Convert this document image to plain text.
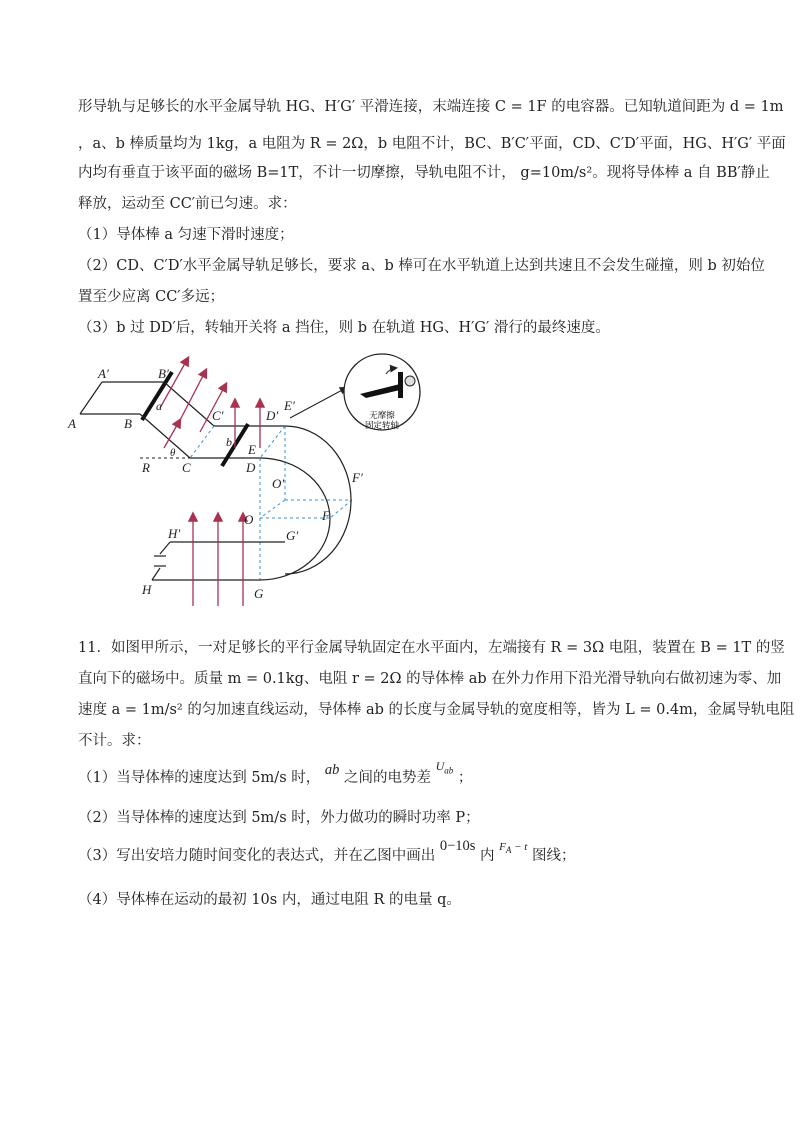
形导轨与足够长的水平金属导轨 HG、H′G′ 平滑连接，末端连接 C = 1F 的电容器。已知轨道间距为 d = 1m
，a、b 棒质量均为 1kg，a 电阻为 R = 2Ω，b 电阻不计，BC、B′C′平面，CD、C′D′平面，HG、H′G′ 平面
内均有垂直于该平面的磁场 B=1T，不计一切摩擦，导轨电阻不计， g=10m/s²。现将导体棒 a 自 BB′静止
释放，运动至 CC′前已匀速。求：
（1）导体棒 a 匀速下滑时速度；
（2）CD、C′D′水平金属导轨足够长，要求 a、b 棒可在水平轨道上达到共速且不会发生碰撞，则 b 初始位
置至少应离 CC′多远；
（3）b 过 DD′后，转轴开关将 a 挡住，则 b 在轨道 HG、H′G′ 滑行的最终速度。
无摩擦
固定转轴
A
A′
B
B′
a
R
θ
C
C′
b
D
D′
E
E′
O′	F′
O	F
H′	G′
H	G
11．如图甲所示，一对足够长的平行金属导轨固定在水平面内，左端接有 R = 3Ω 电阻，装置在 B = 1T 的竖
直向下的磁场中。质量 m = 0.1kg、电阻 r = 2Ω 的导体棒 ab 在外力作用下沿光滑导轨向右做初速为零、加
速度 a = 1m/s² 的匀加速直线运动，导体棒 ab 的长度与金属导轨的宽度相等，皆为 L = 0.4m，金属导轨电阻
不计。求：
（1）当导体棒的速度达到 5m/s 时， ab 之间的电势差 $^{U_{ab}}$ ；
（2）当导体棒的速度达到 5m/s 时，外力做功的瞬时功率 P；
（3）写出安培力随时间变化的表达式，并在乙图中画出 0−10s 内 $^{F_A - t}$ 图线；
（4）导体棒在运动的最初 10s 内，通过电阻 R 的电量 q。
